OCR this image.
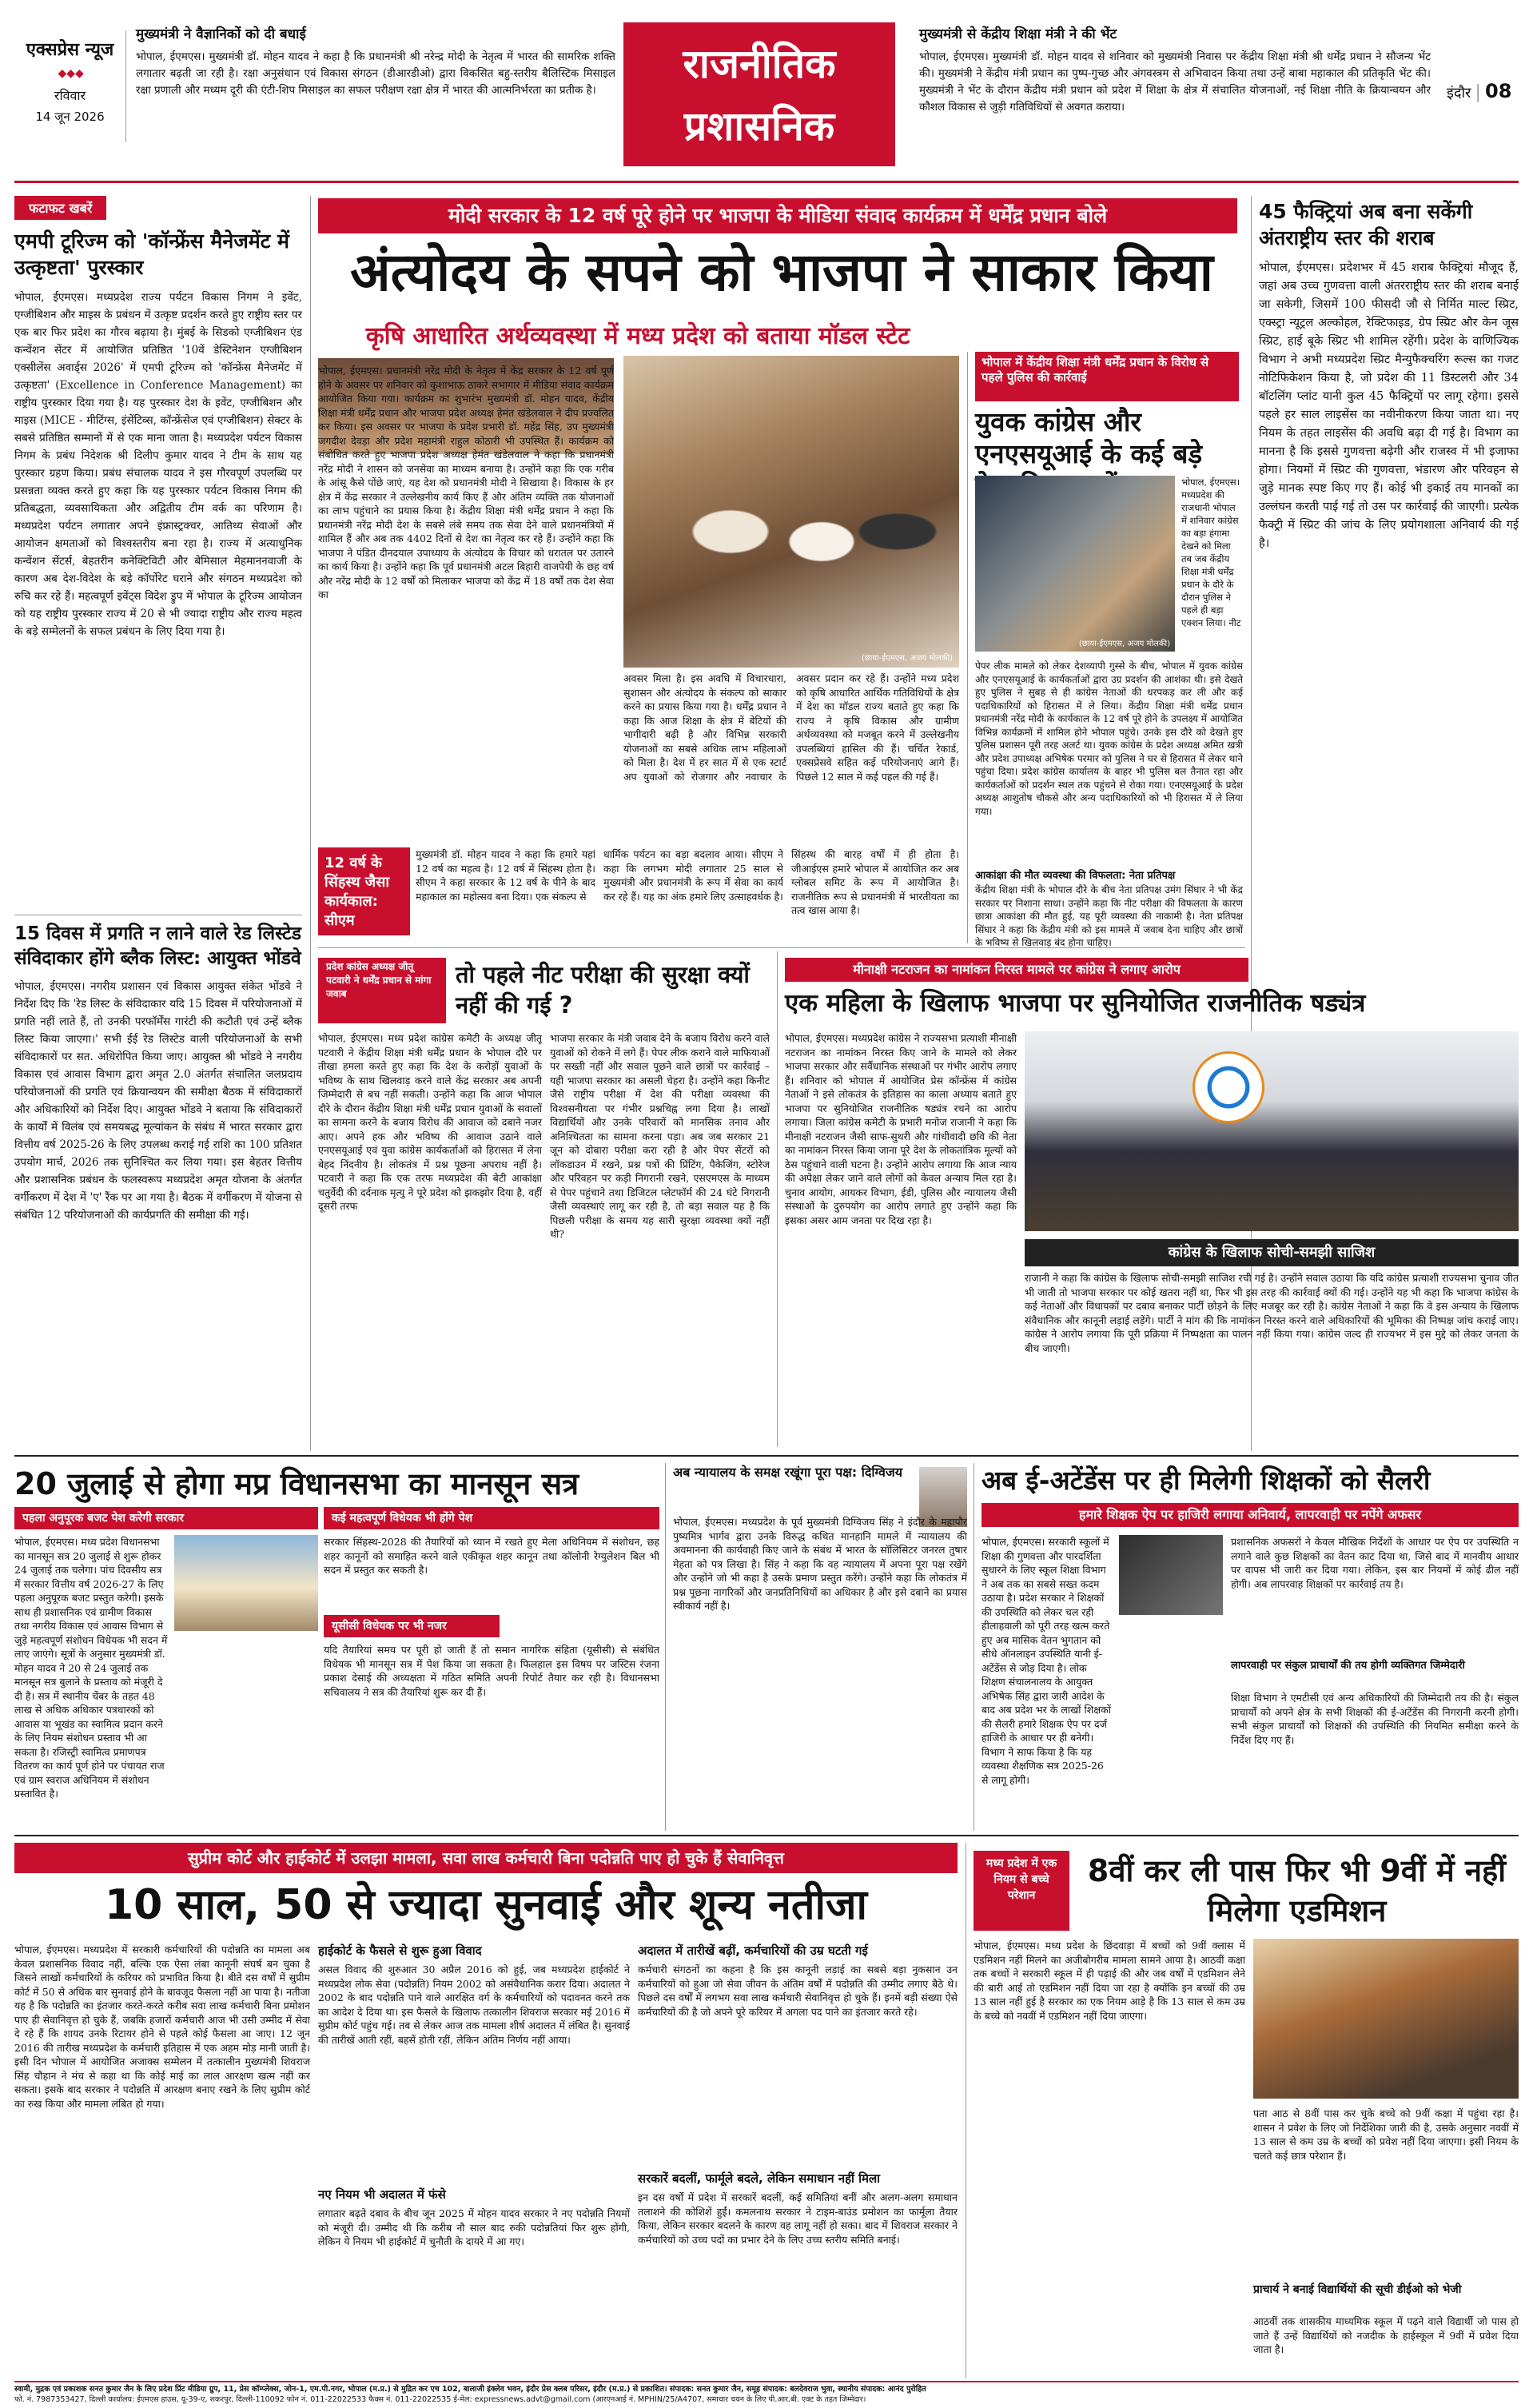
एक्सप्रेस न्यूज
◆◆◆
रविवार
14 जून 2026
मुख्यमंत्री ने वैज्ञानिकों को दी बधाई
भोपाल, ईएमएस। मुख्यमंत्री डॉ. मोहन यादव ने कहा है कि प्रधानमंत्री श्री नरेन्द्र मोदी के नेतृत्व में भारत की सामरिक शक्ति लगातार बढ़ती जा रही है। रक्षा अनुसंधान एवं विकास संगठन (डीआरडीओ) द्वारा विकसित बहु-स्तरीय बैलिस्टिक मिसाइल रक्षा प्रणाली और मध्यम दूरी की एंटी-शिप मिसाइल का सफल परीक्षण रक्षा क्षेत्र में भारत की आत्मनिर्भरता का प्रतीक है।
राजनीतिक
प्रशासनिक
मुख्यमंत्री से केंद्रीय शिक्षा मंत्री ने की भेंट
भोपाल, ईएमएस। मुख्यमंत्री डॉ. मोहन यादव से शनिवार को मुख्यमंत्री निवास पर केंद्रीय शिक्षा मंत्री श्री धर्मेंद्र प्रधान ने सौजन्य भेंट की। मुख्यमंत्री ने केंद्रीय मंत्री प्रधान का पुष्प-गुच्छ और अंगवस्त्रम से अभिवादन किया तथा उन्हें बाबा महाकाल की प्रतिकृति भेंट की। मुख्यमंत्री ने भेंट के दौरान केंद्रीय मंत्री प्रधान को प्रदेश में शिक्षा के क्षेत्र में संचालित योजनाओं, नई शिक्षा नीति के क्रियान्वयन और कौशल विकास से जुड़ी गतिविधियों से अवगत कराया।
इंदौर | 08
फटाफट खबरें
एमपी टूरिज्म को 'कॉन्फ्रेंस मैनेजमेंट में उत्कृष्टता' पुरस्कार
भोपाल, ईएमएस। मध्यप्रदेश राज्य पर्यटन विकास निगम ने इवेंट, एग्जीबिशन और माइस के प्रबंधन में उत्कृष्ट प्रदर्शन करते हुए राष्ट्रीय स्तर पर एक बार फिर प्रदेश का गौरव बढ़ाया है। मुंबई के सिडको एग्जीबिशन एंड कन्वेंशन सेंटर में आयोजित प्रतिष्ठित '10वें डेस्टिनेशन एग्जीबिशन एक्सीलेंस अवार्ड्स 2026' में एमपी टूरिज्म को 'कॉन्फ्रेंस मैनेजमेंट में उत्कृष्टता' (Excellence in Conference Management) का राष्ट्रीय पुरस्कार दिया गया है। यह पुरस्कार देश के इवेंट, एग्जीबिशन और माइस (MICE - मीटिंग्स, इंसेंटिव्स, कॉन्फ्रेंसेज एवं एग्जीबिशन) सेक्टर के सबसे प्रतिष्ठित सम्मानों में से एक माना जाता है। मध्यप्रदेश पर्यटन विकास निगम के प्रबंध निदेशक श्री दिलीप कुमार यादव ने टीम के साथ यह पुरस्कार ग्रहण किया। प्रबंध संचालक यादव ने इस गौरवपूर्ण उपलब्धि पर प्रसन्नता व्यक्त करते हुए कहा कि यह पुरस्कार पर्यटन विकास निगम की प्रतिबद्धता, व्यवसायिकता और अद्वितीय टीम वर्क का परिणाम है। मध्यप्रदेश पर्यटन लगातार अपने इंफ्रास्ट्रक्चर, आतिथ्य सेवाओं और आयोजन क्षमताओं को विश्वस्तरीय बना रहा है। राज्य में अत्याधुनिक कन्वेंशन सेंटर्स, बेहतरीन कनेक्टिविटी और बेमिसाल मेहमाननवाजी के कारण अब देश-विदेश के बड़े कॉर्पोरेट घराने और संगठन मध्यप्रदेश को रुचि कर रहे हैं। महत्वपूर्ण इवेंट्स विदेश ड्रुप में भोपाल के टूरिज्म आयोजन को यह राष्ट्रीय पुरस्कार राज्य में 20 से भी ज्यादा राष्ट्रीय और राज्य महत्व के बड़े सम्मेलनों के सफल प्रबंधन के लिए दिया गया है।
15 दिवस में प्रगति न लाने वाले रेड लिस्टेड संविदाकार होंगे ब्लैक लिस्ट: आयुक्त भोंडवे
भोपाल, ईएमएस। नगरीय प्रशासन एवं विकास आयुक्त संकेत भोंडवे ने निर्देश दिए कि 'रेड लिस्ट के संविदाकार यदि 15 दिवस में परियोजनाओं में प्रगति नहीं लाते हैं, तो उनकी परफॉर्मेंस गारंटी की कटौती एवं उन्हें ब्लैक लिस्ट किया जाएगा।' सभी ईई रेड लिस्टेड वाली परियोजनाओं के सभी संविदाकारों पर सत. अधिरोपित किया जाए। आयुक्त श्री भोंडवे ने नगरीय विकास एवं आवास विभाग द्वारा अमृत 2.0 अंतर्गत संचालित जलप्रदाय परियोजनाओं की प्रगति एवं क्रियान्वयन की समीक्षा बैठक में संविदाकारों और अधिकारियों को निर्देश दिए। आयुक्त भोंडवे ने बताया कि संविदाकारों के कार्यों में विलंब एवं समयबद्ध मूल्यांकन के संबंध में भारत सरकार द्वारा वित्तीय वर्ष 2025-26 के लिए उपलब्ध कराई गई राशि का 100 प्रतिशत उपयोग मार्च, 2026 तक सुनिश्चित कर लिया गया। इस बेहतर वित्तीय और प्रशासनिक प्रबंधन के फलस्वरूप मध्यप्रदेश अमृत योजना के अंतर्गत वर्गीकरण में देश में 'ए' रैंक पर आ गया है। बैठक में वर्गीकरण में योजना से संबंधित 12 परियोजनाओं की कार्यप्रगति की समीक्षा की गई।
मोदी सरकार के 12 वर्ष पूरे होने पर भाजपा के मीडिया संवाद कार्यक्रम में धर्मेंद्र प्रधान बोले
अंत्योदय के सपने को भाजपा ने साकार किया
कृषि आधारित अर्थव्यवस्था में मध्य प्रदेश को बताया मॉडल स्टेट
(छाया-ईएमएस, अजय मोलकी)
भोपाल, ईएमएस। प्रधानमंत्री नरेंद्र मोदी के नेतृत्व में केंद्र सरकार के 12 वर्ष पूर्ण होने के अवसर पर शनिवार को कुशाभाऊ ठाकरे सभागार में मीडिया संवाद कार्यक्रम आयोजित किया गया। कार्यक्रम का शुभारंभ मुख्यमंत्री डॉ. मोहन यादव, केंद्रीय शिक्षा मंत्री धर्मेंद्र प्रधान और भाजपा प्रदेश अध्यक्ष हेमंत खंडेलवाल ने दीप प्रज्वलित कर किया। इस अवसर पर भाजपा के प्रदेश प्रभारी डॉ. महेंद्र सिंह, उप मुख्यमंत्री जगदीश देवड़ा और प्रदेश महामंत्री राहुल कोठारी भी उपस्थित हैं। कार्यक्रम को संबोधित करते हुए भाजपा प्रदेश अध्यक्ष हेमंत खंडेलवाल ने कहा कि प्रधानमंत्री नरेंद्र मोदी ने शासन को जनसेवा का माध्यम बनाया है। उन्होंने कहा कि एक गरीब के आंसू कैसे पोंछे जाएं, यह देश को प्रधानमंत्री मोदी ने सिखाया है। विकास के हर क्षेत्र में केंद्र सरकार ने उल्लेखनीय कार्य किए हैं और अंतिम व्यक्ति तक योजनाओं का लाभ पहुंचाने का प्रयास किया है। केंद्रीय शिक्षा मंत्री धर्मेंद्र प्रधान ने कहा कि प्रधानमंत्री नरेंद्र मोदी देश के सबसे लंबे समय तक सेवा देने वाले प्रधानमंत्रियों में शामिल हैं और अब तक 4402 दिनों से देश का नेतृत्व कर रहे हैं। उन्होंने कहा कि भाजपा ने पंडित दीनदयाल उपाध्याय के अंत्योदय के विचार को धरातल पर उतारने का कार्य किया है। उन्होंने कहा कि पूर्व प्रधानमंत्री अटल बिहारी वाजपेयी के छह वर्ष और नरेंद्र मोदी के 12 वर्षों को मिलाकर भाजपा को केंद्र में 18 वर्षों तक देश सेवा का
अवसर मिला है। इस अवधि में विचारधारा, सुशासन और अंत्योदय के संकल्प को साकार करने का प्रयास किया गया है। धर्मेंद्र प्रधान ने कहा कि आज शिक्षा के क्षेत्र में बेटियों की भागीदारी बढ़ी है और विभिन्न सरकारी योजनाओं का सबसे अधिक लाभ महिलाओं को मिला है। देश में हर सात में से एक स्टार्ट अप युवाओं को रोजगार और नवाचार के अवसर प्रदान कर रहे हैं। उन्होंने मध्य प्रदेश को कृषि आधारित आर्थिक गतिविधियों के क्षेत्र में देश का मॉडल राज्य बताते हुए कहा कि राज्य ने कृषि विकास और ग्रामीण अर्थव्यवस्था को मजबूत करने में उल्लेखनीय उपलब्धियां हासिल की हैं। चर्चित रेकार्ड, एक्सप्रेसवे सहित कई परियोजनाएं आगे हैं। पिछले 12 साल में कई पहल की गई हैं।
12 वर्ष के सिंहस्थ जैसा कार्यकाल: सीएम
मुख्यमंत्री डॉ. मोहन यादव ने कहा कि हमारे यहां 12 वर्ष का महत्व है। 12 वर्ष में सिंहस्थ होता है। सीएम ने कहा सरकार के 12 वर्ष के पीने के बाद महाकाल का महोत्सव बना दिया। एक संकल्प से
धार्मिक पर्यटन का बड़ा बदलाव आया। सीएम ने कहा कि लगभग मोदी लगातार 25 साल से मुख्यमंत्री और प्रधानमंत्री के रूप में सेवा का कार्य कर रहे हैं। यह का अंक हमारे लिए उत्साहवर्धक है।
सिंहस्थ की बारह वर्षों में ही होता है। जीआईएस हमारे भोपाल में आयोजित कर अब ग्लोबल समिट के रूप में आयोजित है। राजनीतिक रूप से प्रधानमंत्री में भारतीयता का तत्व खास आया है।
भोपाल में केंद्रीय शिक्षा मंत्री धर्मेंद्र प्रधान के विरोध से पहले पुलिस की कार्रवाई
युवक कांग्रेस और एनएसयूआई के कई बड़े
(छाया-ईएमएस, अजय मोलकी)
भोपाल, ईएमएस। मध्यप्रदेश की राजधानी भोपाल में शनिवार कांग्रेस का बड़ा हंगामा देखने को मिला तब जब केंद्रीय शिक्षा मंत्री धर्मेंद्र प्रधान के दौरे के दौरान पुलिस ने पहले ही बड़ा एक्शन लिया। नीट
पेपर लीक मामले को लेकर देशव्यापी गुस्से के बीच, भोपाल में युवक कांग्रेस और एनएसयूआई के कार्यकर्ताओं द्वारा उग्र प्रदर्शन की आशंका थी। इसे देखते हुए पुलिस ने सुबह से ही कांग्रेस नेताओं की धरपकड़ कर ली और कई पदाधिकारियों को हिरासत में ले लिया। केंद्रीय शिक्षा मंत्री धर्मेंद्र प्रधान प्रधानमंत्री नरेंद्र मोदी के कार्यकाल के 12 वर्ष पूरे होने के उपलक्ष्य में आयोजित विभिन्न कार्यक्रमों में शामिल होने भोपाल पहुंचे। उनके इस दौरे को देखते हुए पुलिस प्रशासन पूरी तरह अलर्ट था। युवक कांग्रेस के प्रदेश अध्यक्ष अमित खत्री और प्रदेश उपाध्यक्ष अभिषेक परमार को पुलिस ने घर से हिरासत में लेकर थाने पहुंचा दिया। प्रदेश कांग्रेस कार्यालय के बाहर भी पुलिस बल तैनात रहा और कार्यकर्ताओं को प्रदर्शन स्थल तक पहुंचने से रोका गया। एनएसयूआई के प्रदेश अध्यक्ष आशुतोष चौकसे और अन्य पदाधिकारियों को भी हिरासत में ले लिया गया।
आकांक्षा की मौत व्यवस्था की विफलता: नेता प्रतिपक्ष
केंद्रीय शिक्षा मंत्री के भोपाल दौरे के बीच नेता प्रतिपक्ष उमंग सिंघार ने भी केंद्र सरकार पर निशाना साधा। उन्होंने कहा कि नीट परीक्षा की विफलता के कारण छात्रा आकांक्षा की मौत हुई, यह पूरी व्यवस्था की नाकामी है। नेता प्रतिपक्ष सिंघार ने कहा कि केंद्रीय मंत्री को इस मामले में जवाब देना चाहिए और छात्रों के भविष्य से खिलवाड़ बंद होना चाहिए।
45 फैक्ट्रियां अब बना सकेंगी अंतराष्ट्रीय स्तर की शराब
भोपाल, ईएमएस। प्रदेशभर में 45 शराब फैक्ट्रियां मौजूद हैं, जहां अब उच्च गुणवत्ता वाली अंतरराष्ट्रीय स्तर की शराब बनाई जा सकेगी, जिसमें 100 फीसदी जौ से निर्मित माल्ट स्प्रिट, एक्स्ट्रा न्यूट्रल अल्कोहल, रेक्टिफाइड, ग्रेप स्प्रिट और केन जूस स्प्रिट, हाई बूके स्प्रिट भी शामिल रहेंगी। प्रदेश के वाणिज्यिक विभाग ने अभी मध्यप्रदेश स्प्रिट मैन्युफैक्चरिंग रूल्स का गजट नोटिफिकेशन किया है, जो प्रदेश की 11 डिस्टलरी और 34 बॉटलिंग प्लांट यानी कुल 45 फैक्ट्रियों पर लागू रहेगा। इससे पहले हर साल लाइसेंस का नवीनीकरण किया जाता था। नए नियम के तहत लाइसेंस की अवधि बढ़ा दी गई है। विभाग का मानना है कि इससे गुणवत्ता बढ़ेगी और राजस्व में भी इजाफा होगा। नियमों में स्प्रिट की गुणवत्ता, भंडारण और परिवहन से जुड़े मानक स्पष्ट किए गए हैं। कोई भी इकाई तय मानकों का उल्लंघन करती पाई गई तो उस पर कार्रवाई की जाएगी। प्रत्येक फैक्ट्री में स्प्रिट की जांच के लिए प्रयोगशाला अनिवार्य की गई है।
प्रदेश कांग्रेस अध्यक्ष जीतू पटवारी ने धर्मेंद्र प्रधान से मांगा जवाब
तो पहले नीट परीक्षा की सुरक्षा क्यों नहीं की गई ?
भोपाल, ईएमएस। मध्य प्रदेश कांग्रेस कमेटी के अध्यक्ष जीतू पटवारी ने केंद्रीय शिक्षा मंत्री धर्मेंद्र प्रधान के भोपाल दौरे पर तीखा हमला करते हुए कहा कि देश के करोड़ों युवाओं के भविष्य के साथ खिलवाड़ करने वाले केंद्र सरकार अब अपनी जिम्मेदारी से बच नहीं सकती। उन्होंने कहा कि आज भोपाल दौरे के दौरान केंद्रीय शिक्षा मंत्री धर्मेंद्र प्रधान युवाओं के सवालों का सामना करने के बजाय विरोध की आवाज को दबाने नजर आए। अपने हक और भविष्य की आवाज उठाने वाले एनएसयूआई एवं युवा कांग्रेस कार्यकर्ताओं को हिरासत में लेना बेहद निंदनीय है। लोकतंत्र में प्रश्न पूछना अपराध नहीं है। पटवारी ने कहा कि एक तरफ मध्यप्रदेश की बेटी आकांक्षा चतुर्वेदी की दर्दनाक मृत्यु ने पूरे प्रदेश को झकझोर दिया है, वहीं दूसरी तरफ
भाजपा सरकार के मंत्री जवाब देने के बजाय विरोध करने वाले युवाओं को रोकने में लगे हैं। पेपर लीक कराने वाले माफियाओं पर सख्ती नहीं और सवाल पूछने वाले छात्रों पर कार्रवाई – यही भाजपा सरकार का असली चेहरा है। उन्होंने कहा किनीट जैसे राष्ट्रीय परीक्षा में देश की परीक्षा व्यवस्था की विश्वसनीयता पर गंभीर प्रश्नचिह्न लगा दिया है। लाखों विद्यार्थियों और उनके परिवारों को मानसिक तनाव और अनिश्चितता का सामना करना पड़ा। अब जब सरकार 21 जून को दोबारा परीक्षा करा रही है और पेपर सेंटरों को लॉकडाउन में रखने, प्रश्न पत्रों की प्रिंटिंग, पैकेजिंग, स्टोरेज और परिवहन पर कड़ी निगरानी रखने, एसएमएस के माध्यम से पेपर पहुंचाने तथा डिजिटल प्लेटफॉर्म की 24 घंटे निगरानी जैसी व्यवस्थाएं लागू कर रही है, तो बड़ा सवाल यह है कि पिछली परीक्षा के समय यह सारी सुरक्षा व्यवस्था क्यों नहीं थी?
मीनाक्षी नटराजन का नामांकन निरस्त मामले पर कांग्रेस ने लगाए आरोप
एक महिला के खिलाफ भाजपा पर सुनियोजित राजनीतिक षड्यंत्र
भोपाल, ईएमएस। मध्यप्रदेश कांग्रेस ने राज्यसभा प्रत्याशी मीनाक्षी नटराजन का नामांकन निरस्त किए जाने के मामले को लेकर भाजपा सरकार और सर्वैधानिक संस्थाओं पर गंभीर आरोप लगाए हैं। शनिवार को भोपाल में आयोजित प्रेस कॉन्फ्रेंस में कांग्रेस नेताओं ने इसे लोकतंत्र के इतिहास का काला अध्याय बताते हुए भाजपा पर सुनियोजित राजनीतिक षड्यंत्र रचने का आरोप लगाया। जिला कांग्रेस कमेटी के प्रभारी मनोज राजानी ने कहा कि मीनाक्षी नटराजन जैसी साफ-सुथरी और गांधीवादी छवि की नेता का नामांकन निरस्त किया जाना पूरे देश के लोकतांत्रिक मूल्यों को ठेस पहुंचाने वाली घटना है। उन्होंने आरोप लगाया कि आज न्याय की अपेक्षा लेकर जाने वाले लोगों को केवल अन्याय मिल रहा है। चुनाव आयोग, आयकर विभाग, ईडी, पुलिस और न्यायालय जैसी संस्थाओं के दुरुपयोग का आरोप लगाते हुए उन्होंने कहा कि इसका असर आम जनता पर दिख रहा है।
कांग्रेस के खिलाफ सोची-समझी साजिश
राजानी ने कहा कि कांग्रेस के खिलाफ सोची-समझी साजिश रची गई है। उन्होंने सवाल उठाया कि यदि कांग्रेस प्रत्याशी राज्यसभा चुनाव जीत भी जाती तो भाजपा सरकार पर कोई खतरा नहीं था, फिर भी इस तरह की कार्रवाई क्यों की गई। उन्होंने यह भी कहा कि भाजपा कांग्रेस के कई नेताओं और विधायकों पर दबाव बनाकर पार्टी छोड़ने के लिए मजबूर कर रही है। कांग्रेस नेताओं ने कहा कि वे इस अन्याय के खिलाफ संवैधानिक और कानूनी लड़ाई लड़ेंगे। पार्टी ने मांग की कि नामांकन निरस्त करने वाले अधिकारियों की भूमिका की निष्पक्ष जांच कराई जाए। कांग्रेस ने आरोप लगाया कि पूरी प्रक्रिया में निष्पक्षता का पालन नहीं किया गया। कांग्रेस जल्द ही राज्यभर में इस मुद्दे को लेकर जनता के बीच जाएगी।
20 जुलाई से होगा मप्र विधानसभा का मानसून सत्र
पहला अनुपूरक बजट पेश करेगी सरकार
भोपाल, ईएमएस। मध्य प्रदेश विधानसभा का मानसून सत्र 20 जुलाई से शुरू होकर 24 जुलाई तक चलेगा। पांच दिवसीय सत्र में सरकार वित्तीय वर्ष 2026-27 के लिए पहला अनुपूरक बजट प्रस्तुत करेगी। इसके साथ ही प्रशासनिक एवं ग्रामीण विकास तथा नगरीय विकास एवं आवास विभाग से जुड़े महत्वपूर्ण संशोधन विधेयक भी सदन में लाए जाएंगे। सूत्रों के अनुसार मुख्यमंत्री डॉ. मोहन यादव ने 20 से 24 जुलाई तक मानसून सत्र बुलाने के प्रस्ताव को मंजूरी दे दी है। सत्र में स्थानीय चेंबर के तहत 48 लाख से अधिक अधिकार पत्रधारकों को आवास या भूखंड का स्वामित्व प्रदान करने के लिए नियम संशोधन प्रस्ताव भी आ सकता है। रजिस्ट्री स्वामित्व प्रमाणपत्र वितरण का कार्य पूर्ण होने पर पंचायत राज एवं ग्राम स्वराज अधिनियम में संशोधन प्रस्तावित है।
कई महत्वपूर्ण विधेयक भी होंगे पेश
सरकार सिंहस्थ-2028 की तैयारियों को ध्यान में रखते हुए मेला अधिनियम में संशोधन, छह शहर कानूनों को समाहित करने वाले एकीकृत शहर कानून तथा कॉलोनी रेग्युलेशन बिल भी सदन में प्रस्तुत कर सकती है।
यूसीसी विधेयक पर भी नजर
यदि तैयारियां समय पर पूरी हो जाती हैं तो समान नागरिक संहिता (यूसीसी) से संबंधित विधेयक भी मानसून सत्र में पेश किया जा सकता है। फिलहाल इस विषय पर जस्टिस रंजना प्रकाश देसाई की अध्यक्षता में गठित समिति अपनी रिपोर्ट तैयार कर रही है। विधानसभा सचिवालय ने सत्र की तैयारियां शुरू कर दी हैं।
अब न्यायालय के समक्ष रखूंगा पूरा पक्ष: दिग्विजय
भोपाल, ईएमएस। मध्यप्रदेश के पूर्व मुख्यमंत्री दिग्विजय सिंह ने इंदौर के महापौर पुष्यमित्र भार्गव द्वारा उनके विरुद्ध कथित मानहानि मामले में न्यायालय की अवमानना की कार्यवाही किए जाने के संबंध में भारत के सॉलिसिटर जनरल तुषार मेहता को पत्र लिखा है। सिंह ने कहा कि वह न्यायालय में अपना पूरा पक्ष रखेंगे और उन्होंने जो भी कहा है उसके प्रमाण प्रस्तुत करेंगे। उन्होंने कहा कि लोकतंत्र में प्रश्न पूछना नागरिकों और जनप्रतिनिधियों का अधिकार है और इसे दबाने का प्रयास स्वीकार्य नहीं है।
अब ई-अटेंडेंस पर ही मिलेगी शिक्षकों को सैलरी
हमारे शिक्षक ऐप पर हाजिरी लगाया अनिवार्य, लापरवाही पर नपेंगे अफसर
भोपाल, ईएमएस। सरकारी स्कूलों में शिक्षा की गुणवत्ता और पारदर्शिता सुधारने के लिए स्कूल शिक्षा विभाग ने अब तक का सबसे सख्त कदम उठाया है। प्रदेश सरकार ने शिक्षकों की उपस्थिति को लेकर चल रही हीलाहवाली को पूरी तरह खत्म करते हुए अब मासिक वेतन भुगतान को सीधे ऑनलाइन उपस्थिति यानी ई-अटेंडेंस से जोड़ दिया है। लोक शिक्षण संचालनालय के आयुक्त अभिषेक सिंह द्वारा जारी आदेश के बाद अब प्रदेश भर के लाखों शिक्षकों की सैलरी हमारे शिक्षक ऐप पर दर्ज हाजिरी के आधार पर ही बनेगी। विभाग ने साफ किया है कि यह व्यवस्था शैक्षणिक सत्र 2025-26 से लागू होगी।
प्रशासनिक अफसरों ने केवल मौखिक निर्देशों के आधार पर ऐप पर उपस्थिति न लगाने वाले कुछ शिक्षकों का वेतन काट दिया था, जिसे बाद में मानवीय आधार पर वापस भी जारी कर दिया गया। लेकिन, इस बार नियमों में कोई ढील नहीं होगी। अब लापरवाह शिक्षकों पर कार्रवाई तय है।
लापरवाही पर संकुल प्राचार्यों की तय होगी व्यक्तिगत जिम्मेदारी
शिक्षा विभाग ने एमटीसी एवं अन्य अधिकारियों की जिम्मेदारी तय की है। संकुल प्राचार्यों को अपने क्षेत्र के सभी शिक्षकों की ई-अटेंडेंस की निगरानी करनी होगी। सभी संकुल प्राचार्यों को शिक्षकों की उपस्थिति की नियमित समीक्षा करने के निर्देश दिए गए हैं।
सुप्रीम कोर्ट और हाईकोर्ट में उलझा मामला, सवा लाख कर्मचारी बिना पदोन्नति पाए हो चुके हैं सेवानिवृत्त
10 साल, 50 से ज्यादा सुनवाई और शून्य नतीजा
भोपाल, ईएमएस। मध्यप्रदेश में सरकारी कर्मचारियों की पदोन्नति का मामला अब केवल प्रशासनिक विवाद नहीं, बल्कि एक ऐसा लंबा कानूनी संघर्ष बन चुका है जिसने लाखों कर्मचारियों के करियर को प्रभावित किया है। बीते दस वर्षों में सुप्रीम कोर्ट में 50 से अधिक बार सुनवाई होने के बावजूद फैसला नहीं आ पाया है। नतीजा यह है कि पदोन्नति का इंतजार करते-करते करीब सवा लाख कर्मचारी बिना प्रमोशन पाए ही सेवानिवृत्त हो चुके हैं, जबकि हजारों कर्मचारी आज भी उसी उम्मीद में सेवा दे रहे हैं कि शायद उनके रिटायर होने से पहले कोई फैसला आ जाए। 12 जून 2016 की तारीख मध्यप्रदेश के कर्मचारी इतिहास में एक अहम मोड़ मानी जाती है। इसी दिन भोपाल में आयोजित अजाक्स सम्मेलन में तत्कालीन मुख्यमंत्री शिवराज सिंह चौहान ने मंच से कहा था कि कोई माई का लाल आरक्षण खत्म नहीं कर सकता। इसके बाद सरकार ने पदोन्नति में आरक्षण बनाए रखने के लिए सुप्रीम कोर्ट का रुख किया और मामला लंबित हो गया।
हाईकोर्ट के फैसले से शुरू हुआ विवाद
असल विवाद की शुरुआत 30 अप्रैल 2016 को हुई, जब मध्यप्रदेश हाईकोर्ट ने मध्यप्रदेश लोक सेवा (पदोन्नति) नियम 2002 को असंवैधानिक करार दिया। अदालत ने 2002 के बाद पदोन्नति पाने वाले आरक्षित वर्ग के कर्मचारियों को पदावनत करने तक का आदेश दे दिया था। इस फैसले के खिलाफ तत्कालीन शिवराज सरकार मई 2016 में सुप्रीम कोर्ट पहुंच गई। तब से लेकर आज तक मामला शीर्ष अदालत में लंबित है। सुनवाई की तारीखें आती रहीं, बहसें होती रहीं, लेकिन अंतिम निर्णय नहीं आया।
नए नियम भी अदालत में फंसे
लगातार बढ़ते दबाव के बीच जून 2025 में मोहन यादव सरकार ने नए पदोन्नति नियमों को मंजूरी दी। उम्मीद थी कि करीब नौ साल बाद रुकी पदोन्नतियां फिर शुरू होंगी, लेकिन ये नियम भी हाईकोर्ट में चुनौती के दायरे में आ गए।
अदालत में तारीखें बढ़ीं, कर्मचारियों की उम्र घटती गई
कर्मचारी संगठनों का कहना है कि इस कानूनी लड़ाई का सबसे बड़ा नुकसान उन कर्मचारियों को हुआ जो सेवा जीवन के अंतिम वर्षों में पदोन्नति की उम्मीद लगाए बैठे थे। पिछले दस वर्षों में लगभग सवा लाख कर्मचारी सेवानिवृत्त हो चुके हैं। इनमें बड़ी संख्या ऐसे कर्मचारियों की है जो अपने पूरे करियर में अगला पद पाने का इंतजार करते रहे।
सरकारें बदलीं, फार्मूले बदले, लेकिन समाधान नहीं मिला
इन दस वर्षों में प्रदेश में सरकारें बदलीं, कई समितियां बनीं और अलग-अलग समाधान तलाशने की कोशिशें हुईं। कमलनाथ सरकार ने टाइम-बाउंड प्रमोशन का फार्मूला तैयार किया, लेकिन सरकार बदलने के कारण वह लागू नहीं हो सका। बाद में शिवराज सरकार ने कर्मचारियों को उच्च पदों का प्रभार देने के लिए उच्च स्तरीय समिति बनाई।
मध्य प्रदेश में एक नियम से बच्चे परेशान
8वीं कर ली पास फिर भी 9वीं में नहीं मिलेगा एडमिशन
भोपाल, ईएमएस। मध्य प्रदेश के छिंदवाड़ा में बच्चों को 9वीं क्लास में एडमिशन नहीं मिलने का अजीबोगरीब मामला सामने आया है। आठवीं कक्षा तक बच्चों ने सरकारी स्कूल में ही पढ़ाई की और जब वर्षों में एडमिशन लेने की बारी आई तो एडमिशन नहीं दिया जा रहा है क्योंकि इन बच्चों की उम्र 13 साल नहीं हुई है सरकार का एक नियम आड़े है कि 13 साल से कम उम्र के बच्चे को नववीं में एडमिशन नहीं दिया जाएगा।
पता आठ से 8वीं पास कर चुके बच्चे को 9वीं कक्षा में पहुंचा रहा है। शासन ने प्रवेश के लिए जो निर्देशिका जारी की है, उसके अनुसार नववीं में 13 साल से कम उम्र के बच्चों को प्रवेश नहीं दिया जाएगा। इसी नियम के चलते कई छात्र परेशान हैं।
प्राचार्य ने बनाई विद्यार्थियों की सूची डीईओ को भेजी
आठवीं तक शासकीय माध्यमिक स्कूल में पढ़ने वाले विद्यार्थी जो पास हो जाते हैं उन्हें विद्यार्थियों को नजदीक के हाईस्कूल में 9वीं में प्रवेश दिया जाता है।
स्वामी, मुद्रक एवं प्रकाशक सनत कुमार जैन के लिए प्रदेश प्रिंट मीडिया ग्रुप, 11, प्रेस कॉम्प्लेक्स, जोन-1, एम.पी.नगर, भोपाल (म.प्र.) से मुद्रित कर एच 102, बालाजी इंक्लेव भवन, इंदौर प्रेस क्लब परिसर, इंदौर (म.प्र.) से प्रकाशित। संपादक: सनत कुमार जैन, समूह संपादक: बलदेवराज भुवा, स्थानीय संपादक: आनंद पुरोहित
फो. नं. 7987353427, दिल्ली कार्यालय: ईएमएस हाउस, यू-39-ए, शकरपुर, दिल्ली-110092 फोन नं. 011-22022533 फैक्स नं. 011-22022535 ई-मेल: expressnews.advt@gmail.com (आरएनआई नं. MPHIN/25/A4707, समाचार चयन के लिए पी.आर.बी. एक्ट के तहत जिम्मेदार।
